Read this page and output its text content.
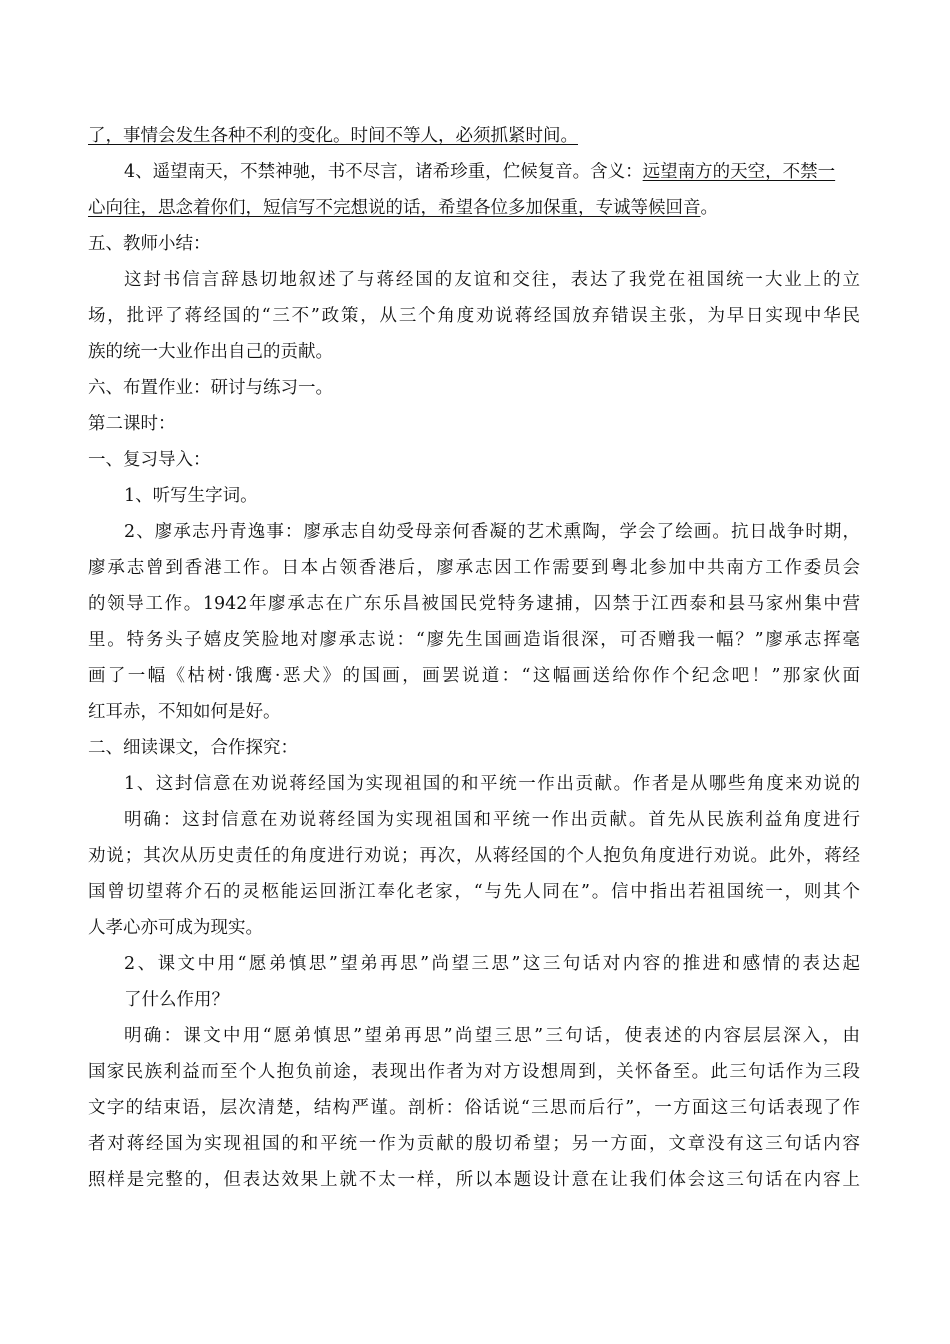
了，事情会发生各种不利的变化。时间不等人，必须抓紧时间。
4、遥望南天，不禁神驰，书不尽言，诸希珍重，伫候复音。含义：远望南方的天空，不禁一
心向往，思念着你们，短信写不完想说的话，希望各位多加保重，专诚等候回音。
五、教师小结：
这封书信言辞恳切地叙述了与蒋经国的友谊和交往，表达了我党在祖国统一大业上的立
场，批评了蒋经国的“三不”政策，从三个角度劝说蒋经国放弃错误主张，为早日实现中华民
族的统一大业作出自己的贡献。
六、布置作业：研讨与练习一。
第二课时：
一、复习导入：
1、听写生字词。
2、廖承志丹青逸事：廖承志自幼受母亲何香凝的艺术熏陶，学会了绘画。抗日战争时期，
廖承志曾到香港工作。日本占领香港后，廖承志因工作需要到粤北参加中共南方工作委员会
的领导工作。1942年廖承志在广东乐昌被国民党特务逮捕，囚禁于江西泰和县马家州集中营
里。特务头子嬉皮笑脸地对廖承志说：“廖先生国画造诣很深，可否赠我一幅？”廖承志挥毫
画了一幅《枯树·饿鹰·恶犬》的国画，画罢说道：“这幅画送给你作个纪念吧！”那家伙面
红耳赤，不知如何是好。
二、细读课文，合作探究：
1、这封信意在劝说蒋经国为实现祖国的和平统一作出贡献。作者是从哪些角度来劝说的
明确：这封信意在劝说蒋经国为实现祖国和平统一作出贡献。首先从民族利益角度进行
劝说；其次从历史责任的角度进行劝说；再次，从蒋经国的个人抱负角度进行劝说。此外，蒋经
国曾切望蒋介石的灵柩能运回浙江奉化老家，“与先人同在”。信中指出若祖国统一，则其个
人孝心亦可成为现实。
2、课文中用“愿弟慎思”望弟再思”尚望三思”这三句话对内容的推进和感情的表达起
了什么作用？
明确：课文中用“愿弟慎思”望弟再思”尚望三思”三句话，使表述的内容层层深入，由
国家民族利益而至个人抱负前途，表现出作者为对方设想周到，关怀备至。此三句话作为三段
文字的结束语，层次清楚，结构严谨。剖析：俗话说“三思而后行”，一方面这三句话表现了作
者对蒋经国为实现祖国的和平统一作为贡献的殷切希望；另一方面，文章没有这三句话内容
照样是完整的，但表达效果上就不太一样，所以本题设计意在让我们体会这三句话在内容上
